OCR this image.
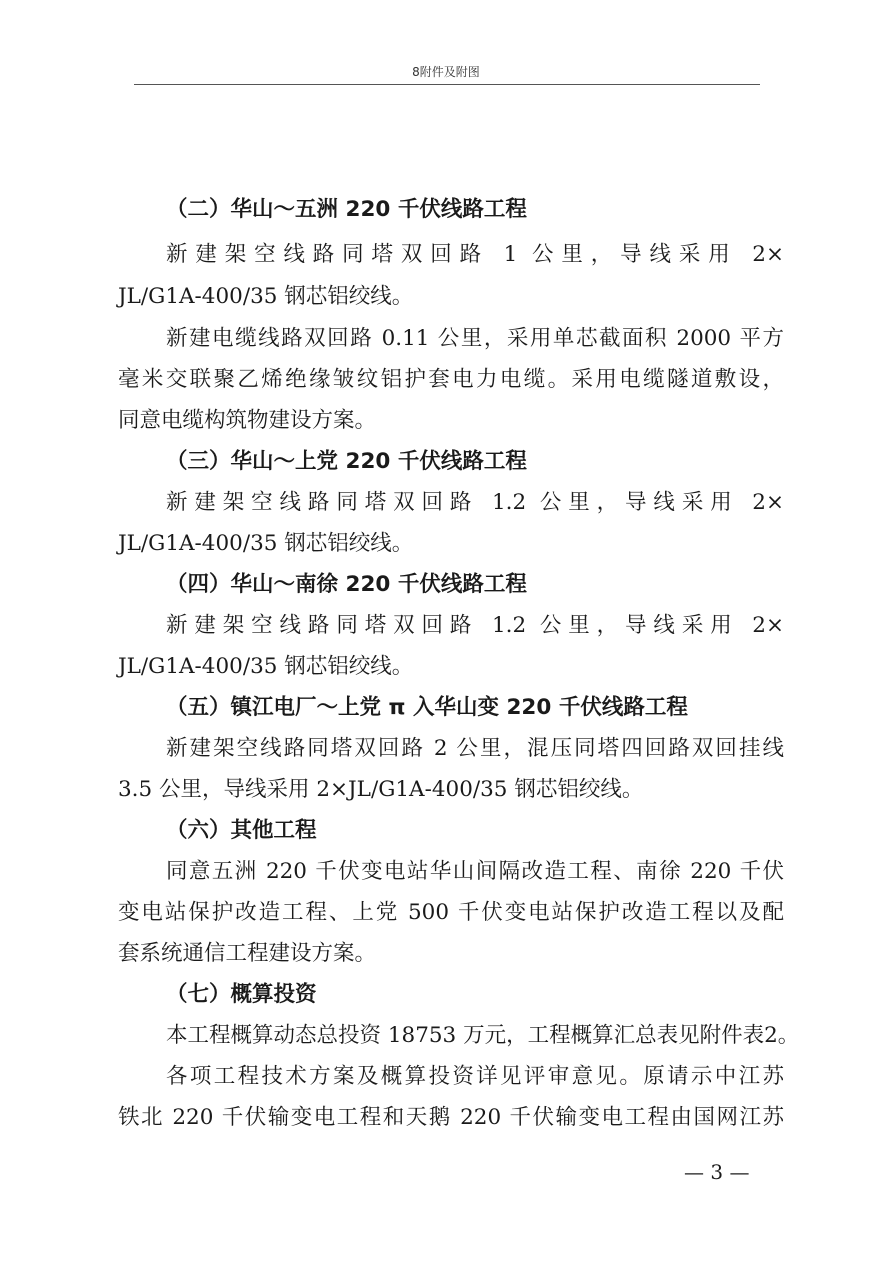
8附件及附图
（二）华山～五洲 220 千伏线路工程
新建架空线路同塔双回路 1 公里，导线采用 2×
JL/G1A-400/35 钢芯铝绞线。
新建电缆线路双回路 0.11 公里，采用单芯截面积 2000 平方
毫米交联聚乙烯绝缘皱纹铝护套电力电缆。采用电缆隧道敷设，
同意电缆构筑物建设方案。
（三）华山～上党 220 千伏线路工程
新建架空线路同塔双回路 1.2 公里，导线采用 2×
JL/G1A-400/35 钢芯铝绞线。
（四）华山～南徐 220 千伏线路工程
新建架空线路同塔双回路 1.2 公里，导线采用 2×
JL/G1A-400/35 钢芯铝绞线。
（五）镇江电厂～上党 π 入华山变 220 千伏线路工程
新建架空线路同塔双回路 2 公里，混压同塔四回路双回挂线
3.5 公里，导线采用 2×JL/G1A-400/35 钢芯铝绞线。
（六）其他工程
同意五洲 220 千伏变电站华山间隔改造工程、南徐 220 千伏
变电站保护改造工程、上党 500 千伏变电站保护改造工程以及配
套系统通信工程建设方案。
（七）概算投资
本工程概算动态总投资 18753 万元，工程概算汇总表见附件表2。
各项工程技术方案及概算投资详见评审意见。原请示中江苏
铁北 220 千伏输变电工程和天鹅 220 千伏输变电工程由国网江苏
— 3 —
